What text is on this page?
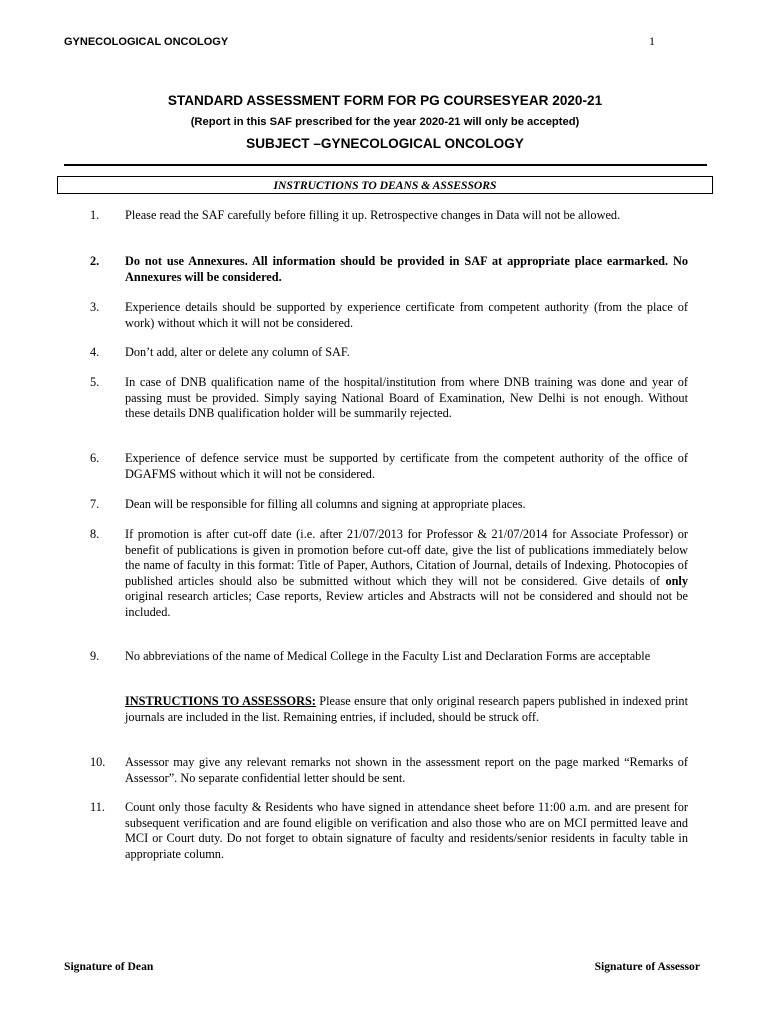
GYNECOLOGICAL ONCOLOGY	1
STANDARD ASSESSMENT FORM FOR PG COURSESYEAR 2020-21
(Report in this SAF prescribed for the year 2020-21 will only be accepted)
SUBJECT –GYNECOLOGICAL ONCOLOGY
INSTRUCTIONS TO DEANS & ASSESSORS
1.	Please read the SAF carefully before filling it up. Retrospective changes in Data will not be allowed.
2.	Do not use Annexures. All information should be provided in SAF at appropriate place earmarked. No Annexures will be considered.
3.	Experience details should be supported by experience certificate from competent authority (from the place of work) without which it will not be considered.
4.	Don’t add, alter or delete any column of SAF.
5.	In case of DNB qualification name of the hospital/institution from where DNB training was done and year of passing must be provided. Simply saying National Board of Examination, New Delhi is not enough. Without these details DNB qualification holder will be summarily rejected.
6.	Experience of defence service must be supported by certificate from the competent authority of the office of DGAFMS without which it will not be considered.
7.	Dean will be responsible for filling all columns and signing at appropriate places.
8.	If promotion is after cut-off date (i.e. after 21/07/2013 for Professor & 21/07/2014 for Associate Professor) or benefit of publications is given in promotion before cut-off date, give the list of publications immediately below the name of faculty in this format: Title of Paper, Authors, Citation of Journal, details of Indexing. Photocopies of published articles should also be submitted without which they will not be considered. Give details of only original research articles; Case reports, Review articles and Abstracts will not be considered and should not be included.
9.	No abbreviations of the name of Medical College in the Faculty List and Declaration Forms are acceptable
INSTRUCTIONS TO ASSESSORS: Please ensure that only original research papers published in indexed print journals are included in the list. Remaining entries, if included, should be struck off.
10.	Assessor may give any relevant remarks not shown in the assessment report on the page marked “Remarks of Assessor”. No separate confidential letter should be sent.
11.	Count only those faculty & Residents who have signed in attendance sheet before 11:00 a.m. and are present for subsequent verification and are found eligible on verification and also those who are on MCI permitted leave and MCI or Court duty. Do not forget to obtain signature of faculty and residents/senior residents in faculty table in appropriate column.
Signature of Dean	Signature of Assessor
